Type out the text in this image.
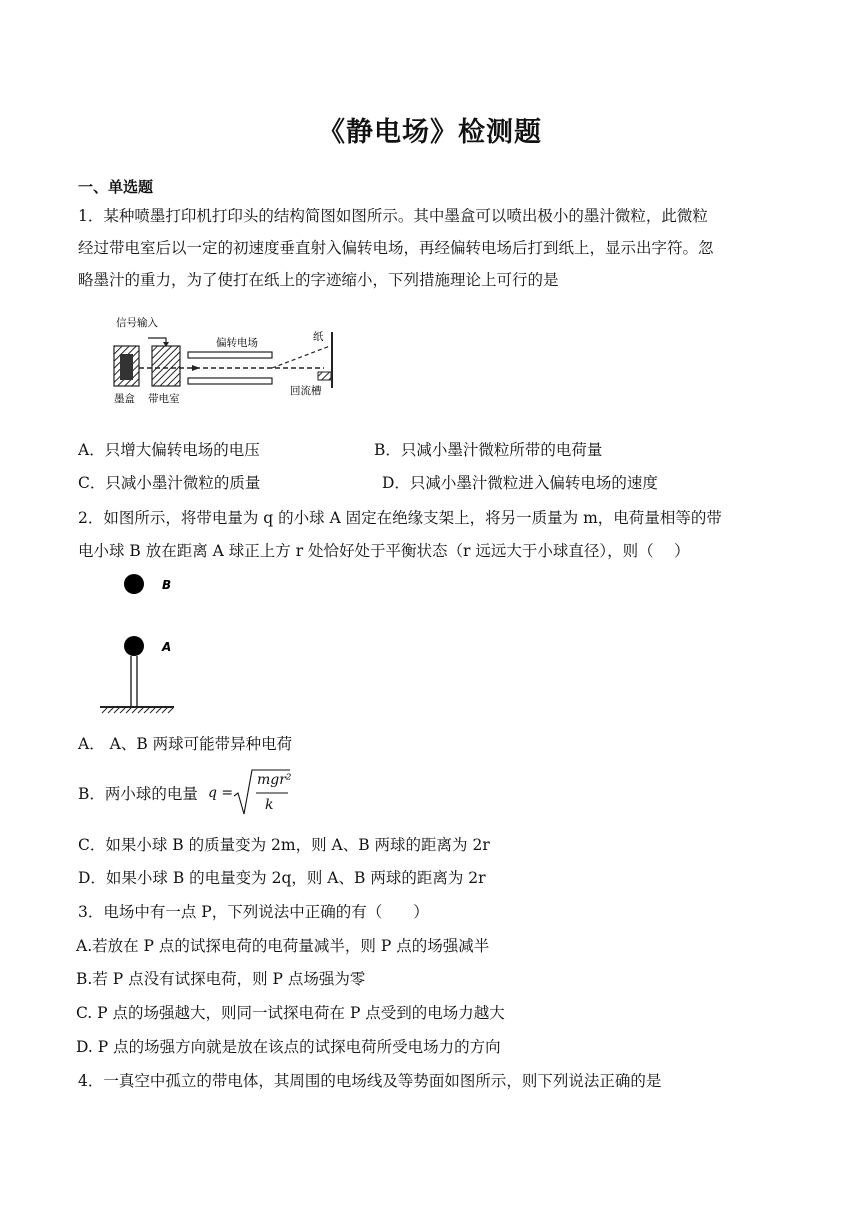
《静电场》检测题
一、单选题
1．某种喷墨打印机打印头的结构简图如图所示。其中墨盒可以喷出极小的墨汁微粒，此微粒
经过带电室后以一定的初速度垂直射入偏转电场，再经偏转电场后打到纸上，显示出字符。忽
略墨汁的重力，为了使打在纸上的字迹缩小，下列措施理论上可行的是
信号输入
偏转电场	纸
墨盒 带电室
回流槽
A．只增大偏转电场的电压	B．只减小墨汁微粒所带的电荷量
C．只减小墨汁微粒的质量	D．只减小墨汁微粒进入偏转电场的速度
2．如图所示，将带电量为 q 的小球 A 固定在绝缘支架上，将另一质量为 m，电荷量相等的带
电小球 B 放在距离 A 球正上方 r 处恰好处于平衡状态（r 远远大于小球直径），则（　 ）
B
A
A． A、B 两球可能带异种电荷
B．两小球的电量 q =
mgr²
k
C．如果小球 B 的质量变为 2m，则 A、B 两球的距离为 2r
D．如果小球 B 的电量变为 2q，则 A、B 两球的距离为 2r
3．电场中有一点 P，下列说法中正确的有（　　）
A.若放在 P 点的试探电荷的电荷量减半，则 P 点的场强减半
B.若 P 点没有试探电荷，则 P 点场强为零
C. P 点的场强越大，则同一试探电荷在 P 点受到的电场力越大
D. P 点的场强方向就是放在该点的试探电荷所受电场力的方向
4．一真空中孤立的带电体，其周围的电场线及等势面如图所示，则下列说法正确的是
